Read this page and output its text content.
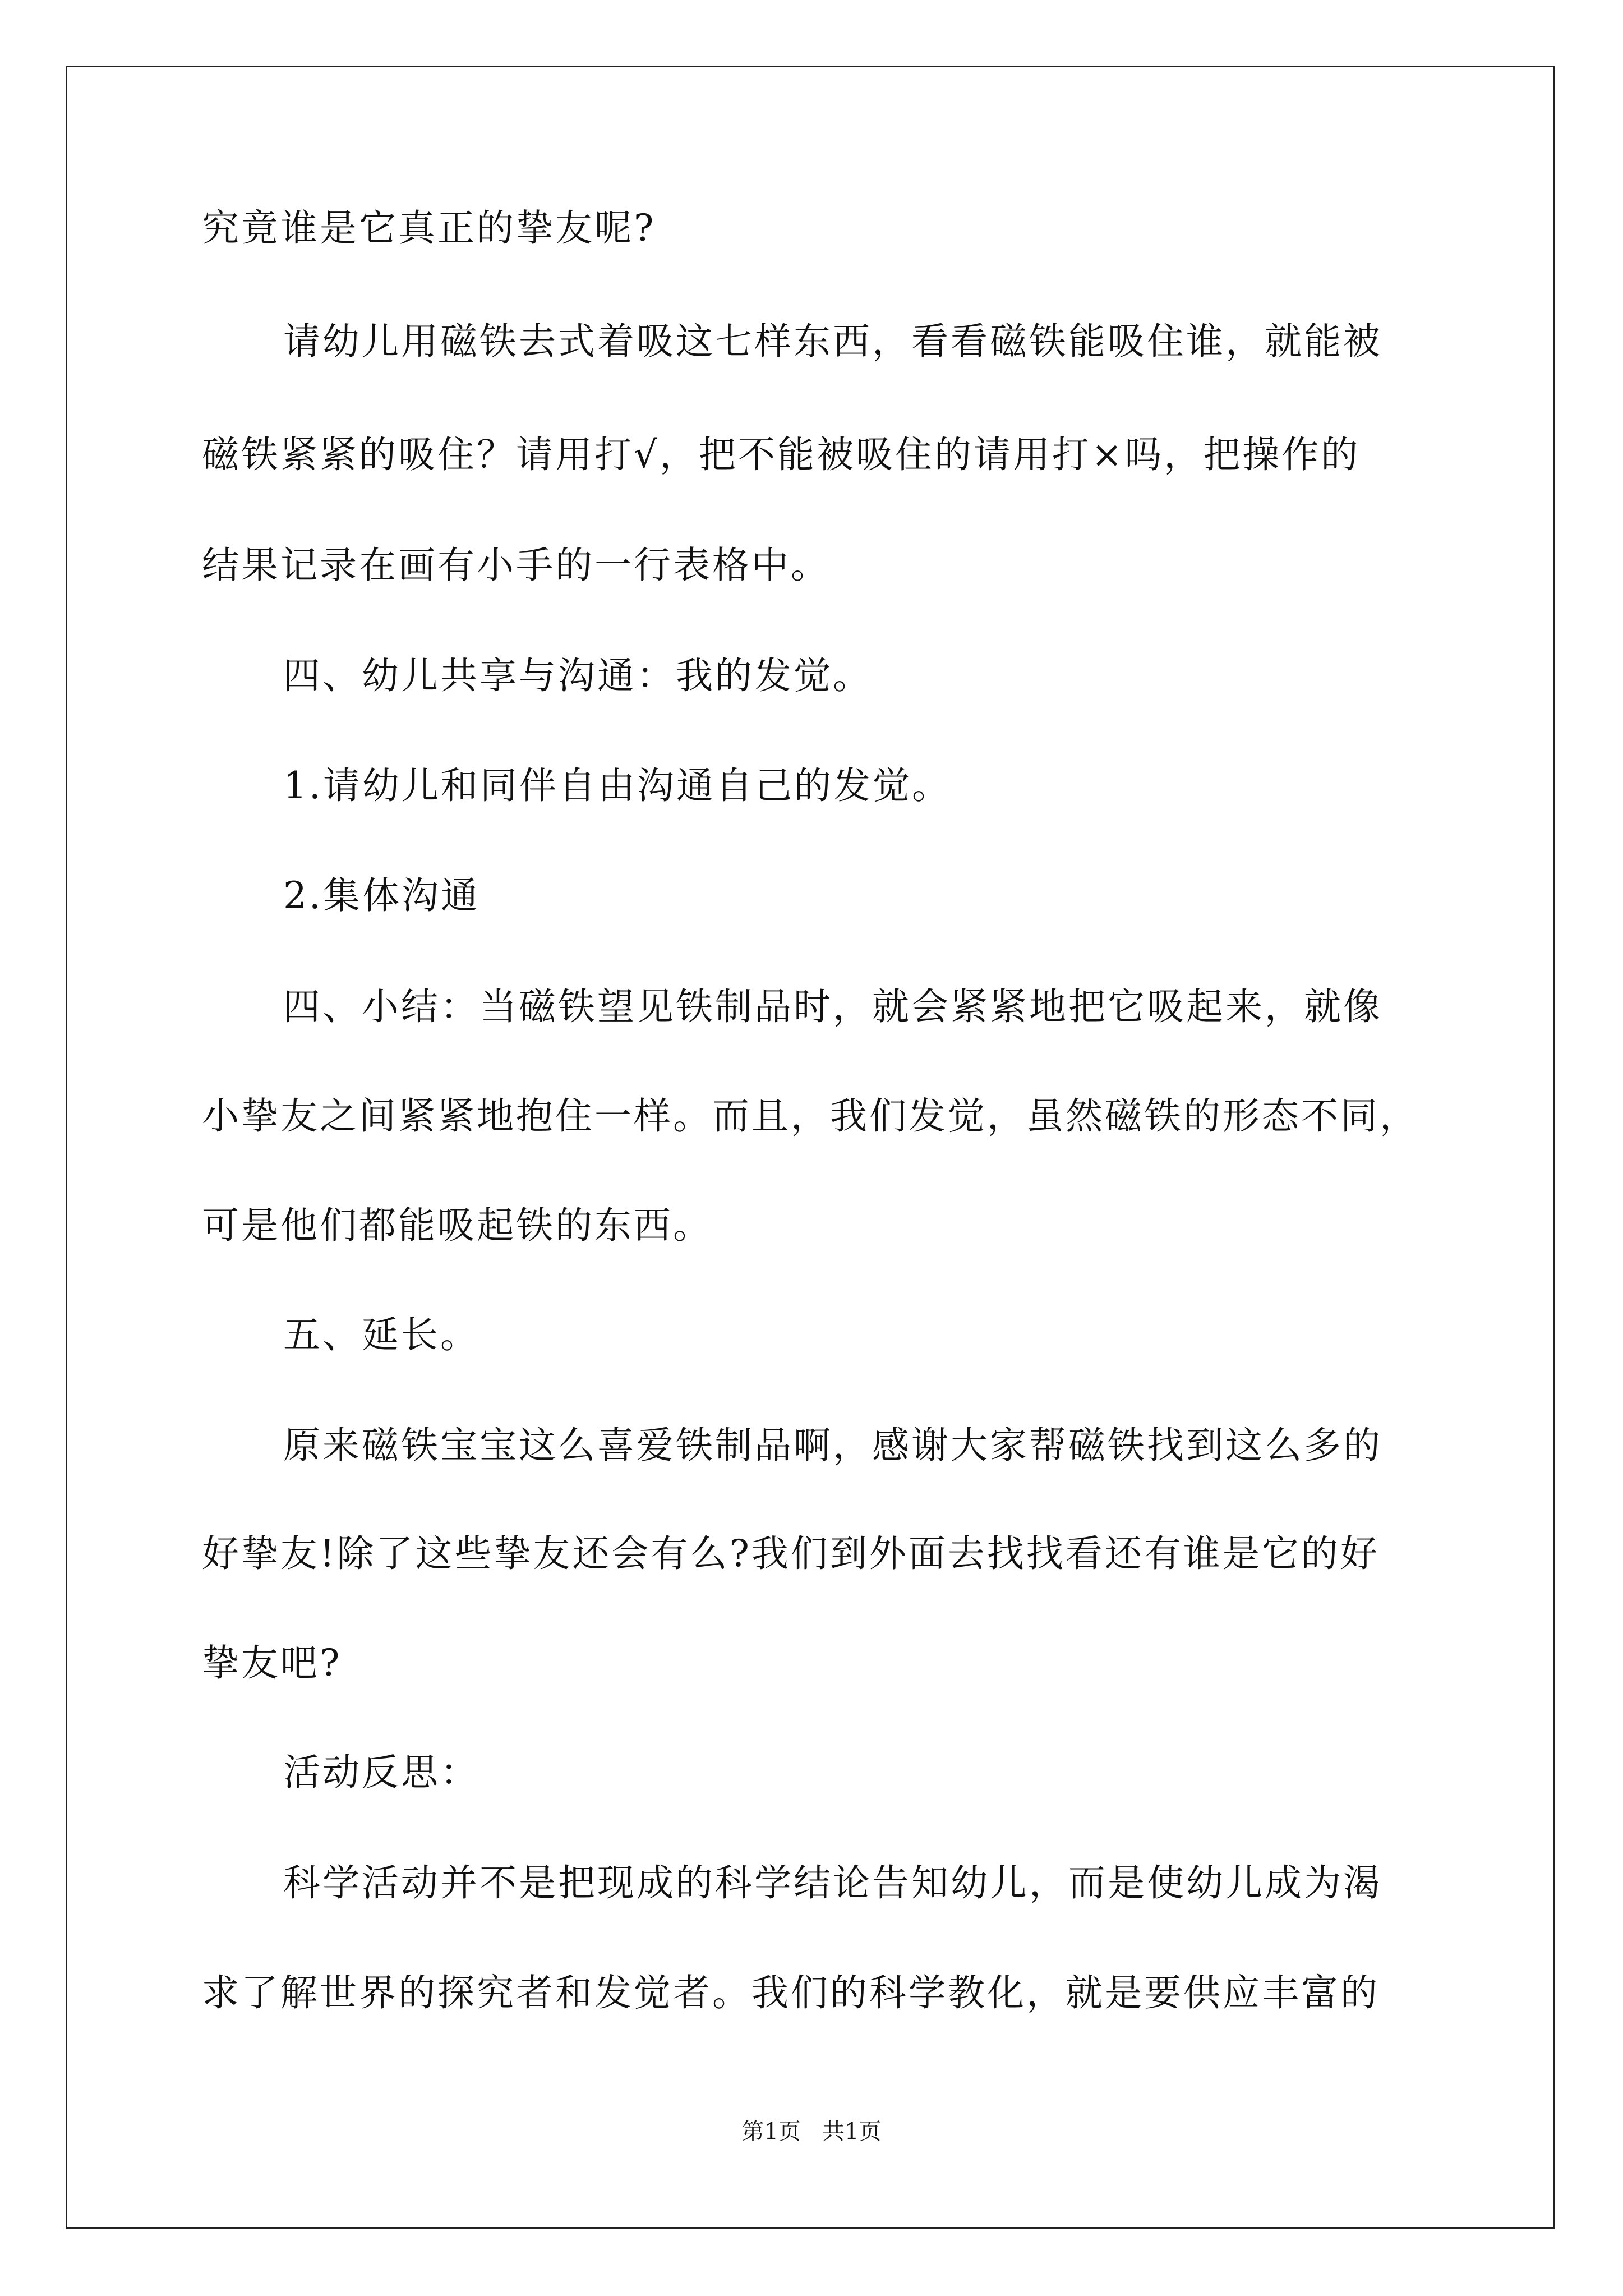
究竟谁是它真正的挚友呢?
请幼儿用磁铁去式着吸这七样东西，看看磁铁能吸住谁，就能被
磁铁紧紧的吸住？请用打√，把不能被吸住的请用打×吗，把操作的
结果记录在画有小手的一行表格中。
四、幼儿共享与沟通：我的发觉。
1.请幼儿和同伴自由沟通自己的发觉。
2.集体沟通
四、小结：当磁铁望见铁制品时，就会紧紧地把它吸起来，就像
小挚友之间紧紧地抱住一样。而且，我们发觉，虽然磁铁的形态不同，
可是他们都能吸起铁的东西。
五、延长。
原来磁铁宝宝这么喜爱铁制品啊，感谢大家帮磁铁找到这么多的
好挚友!除了这些挚友还会有么?我们到外面去找找看还有谁是它的好
挚友吧?
活动反思：
科学活动并不是把现成的科学结论告知幼儿，而是使幼儿成为渴
求了解世界的探究者和发觉者。我们的科学教化，就是要供应丰富的
第1页   共1页
